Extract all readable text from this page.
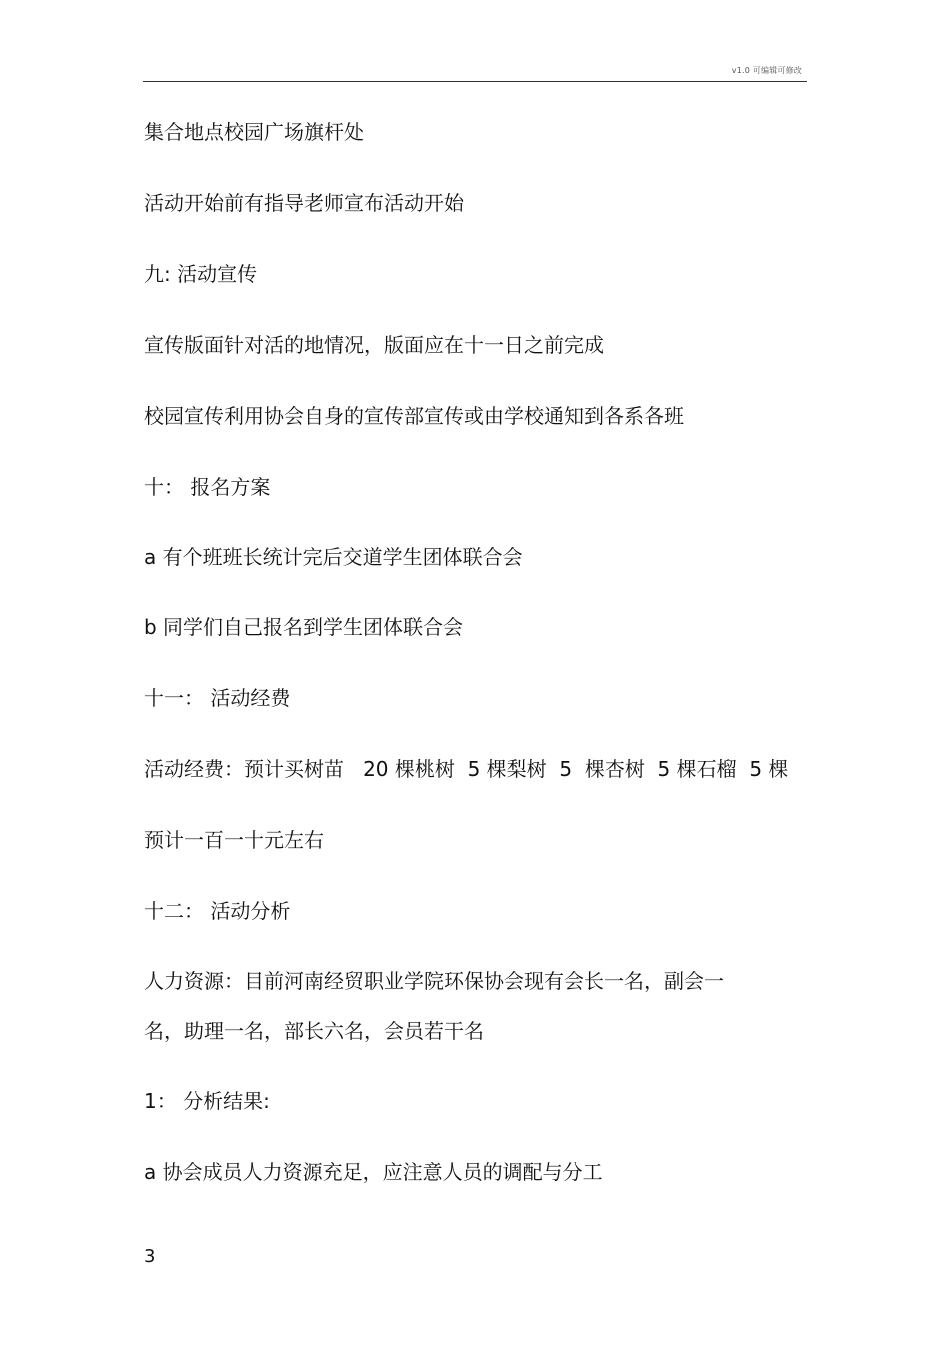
v1.0 可编辑可修改
集合地点校园广场旗杆处
活动开始前有指导老师宣布活动开始
九: 活动宣传
宣传版面针对活的地情况，版面应在十一日之前完成
校园宣传利用协会自身的宣传部宣传或由学校通知到各系各班
十： 报名方案
a 有个班班长统计完后交道学生团体联合会
b 同学们自己报名到学生团体联合会
十一： 活动经费
活动经费：预计买树苗   20 棵桃树  5 棵梨树  5  棵杏树  5 棵石榴  5 棵
预计一百一十元左右
十二： 活动分析
人力资源：目前河南经贸职业学院环保协会现有会长一名，副会一
名，助理一名，部长六名，会员若干名
1： 分析结果:
a 协会成员人力资源充足，应注意人员的调配与分工
3
